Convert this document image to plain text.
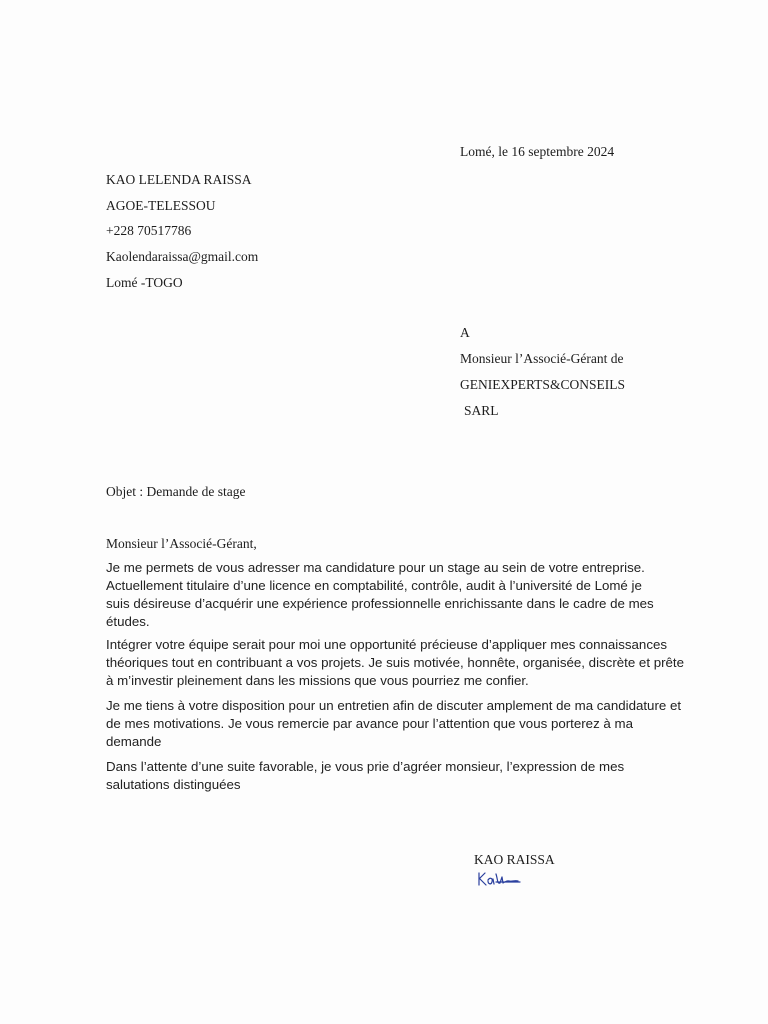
Lomé, le 16 septembre 2024
KAO LELENDA RAISSA
AGOE-TELESSOU
+228 70517786
Kaolendaraissa@gmail.com
Lomé -TOGO
A
Monsieur l’Associé-Gérant de
GENIEXPERTS&CONSEILS
SARL
Objet : Demande de stage
Monsieur l’Associé-Gérant,
Je me permets de vous adresser ma candidature pour un stage au sein de votre entreprise.
Actuellement titulaire d’une licence en comptabilité, contrôle, audit à l’université de Lomé je
suis désireuse d’acquérir une expérience professionnelle enrichissante dans le cadre de mes
études.
Intégrer votre équipe serait pour moi une opportunité précieuse d’appliquer mes connaissances
théoriques tout en contribuant a vos projets. Je suis motivée, honnête, organisée, discrète et prête
à m’investir pleinement dans les missions que vous pourriez me confier.
Je me tiens à votre disposition pour un entretien afin de discuter amplement de ma candidature et
de mes motivations. Je vous remercie par avance pour l’attention que vous porterez à ma
demande
Dans l’attente d’une suite favorable, je vous prie d’agréer monsieur, l’expression de mes
salutations distinguées
KAO RAISSA
